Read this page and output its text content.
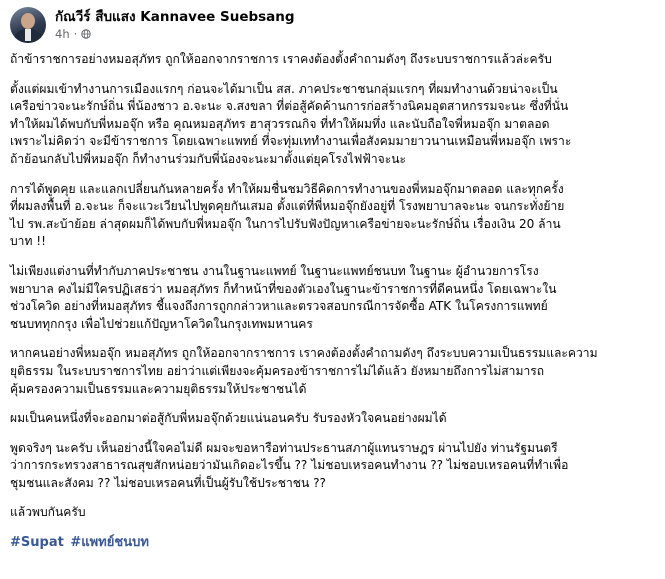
กัณวีร์ สืบแสง Kannavee Suebsang
4h ·

ถ้าข้าราชการอย่างหมอสุภัทร ถูกให้ออกจากราชการ เราคงต้องตั้งคำถามดังๆ ถึงระบบราชการแล้วล่ะครับ

ตั้งแต่ผมเข้าทำงานการเมืองแรกๆ ก่อนจะได้มาเป็น สส. ภาคประชาชนกลุ่มแรกๆ ที่ผมทำงานด้วยน่าจะเป็น
เครือข่าวจะนะรักษ์ถิ่น พี่น้องชาว อ.จะนะ จ.สงขลา ที่ต่อสู้คัดค้านการก่อสร้างนิคมอุตสาหกรรมจะนะ ซึ่งที่นั่น
ทำให้ผมได้พบกับพี่หมอจุ๊ก หรือ คุณหมอสุภัทร ฮาสุวรรณกิจ ที่ทำให้ผมทึ่ง และนับถือใจพี่หมอจุ๊ก มาตลอด
เพราะไม่คิดว่า จะมีข้าราชการ โดยเฉพาะแพทย์ ที่จะทุ่มเททำงานเพื่อสังคมมายาวนานเหมือนพี่หมอจุ๊ก เพราะ
ถ้าย้อนกลับไปพี่หมอจุ๊ก ก็ทำงานร่วมกับพี่น้องจะนะมาตั้งแต่ยุคโรงไฟฟ้าจะนะ

การได้พูดคุย และแลกเปลี่ยนกันหลายครั้ง ทำให้ผมชื่นชมวิธีคิดการทำงานของพี่หมอจุ๊กมาตลอด และทุกครั้ง
ที่ผมลงพื้นที่ อ.จะนะ ก็จะแวะเวียนไปพูดคุยกันเสมอ ตั้งแต่ที่พี่หมอจุ๊กยังอยู่ที่ โรงพยาบาลจะนะ จนกระทั่งย้าย
ไป รพ.สะบ้าย้อย ล่าสุดผมก็ได้พบกับพี่หมอจุ๊ก ในการไปรับฟังปัญหาเครือข่ายจะนะรักษ์ถิ่น เรื่องเงิน 20 ล้าน
บาท !!

ไม่เพียงแต่งานที่ทำกับภาคประชาชน งานในฐานะแพทย์ ในฐานะแพทย์ชนบท ในฐานะ ผู้อำนวยการโรง
พยาบาล คงไม่มีใครปฏิเสธว่า หมอสุภัทร ก็ทำหน้าที่ของตัวเองในฐานะข้าราชการที่ดีคนหนึ่ง โดยเฉพาะใน
ช่วงโควิด อย่างที่หมอสุภัทร ชี้แจงถึงการถูกกล่าวหาและตรวจสอบกรณีการจัดซื้อ ATK ในโครงการแพทย์
ชนบททุกกรุง เพื่อไปช่วยแก้ปัญหาโควิดในกรุงเทพมหานคร

หากคนอย่างพี่หมอจุ๊ก หมอสุภัทร ถูกให้ออกจากราชการ เราคงต้องตั้งคำถามดังๆ ถึงระบบความเป็นธรรมและความ
ยุติธรรม ในระบบราชการไทย อย่าว่าแต่เพียงจะคุ้มครองข้าราชการไม่ได้แล้ว ยังหมายถึงการไม่สามารถ
คุ้มครองความเป็นธรรมและความยุติธรรมให้ประชาชนได้

ผมเป็นคนหนึ่งที่จะออกมาต่อสู้กับพี่หมอจุ๊กด้วยแน่นอนครับ รับรองหัวใจคนอย่างผมได้

พูดจริงๆ นะครับ เห็นอย่างนี้ใจคอไม่ดี ผมจะขอหารือท่านประธานสภาผู้แทนราษฎร ผ่านไปยัง ท่านรัฐมนตรี
ว่าการกระทรวงสาธารณสุขสักหน่อยว่ามันเกิดอะไรขึ้น ?? ไม่ชอบเหรอคนทำงาน ?? ไม่ชอบเหรอคนที่ทำเพื่อ
ชุมชนและสังคม ?? ไม่ชอบเหรอคนที่เป็นผู้รับใช้ประชาชน ??

แล้วพบกันครับ

#Supat #แพทย์ชนบท
